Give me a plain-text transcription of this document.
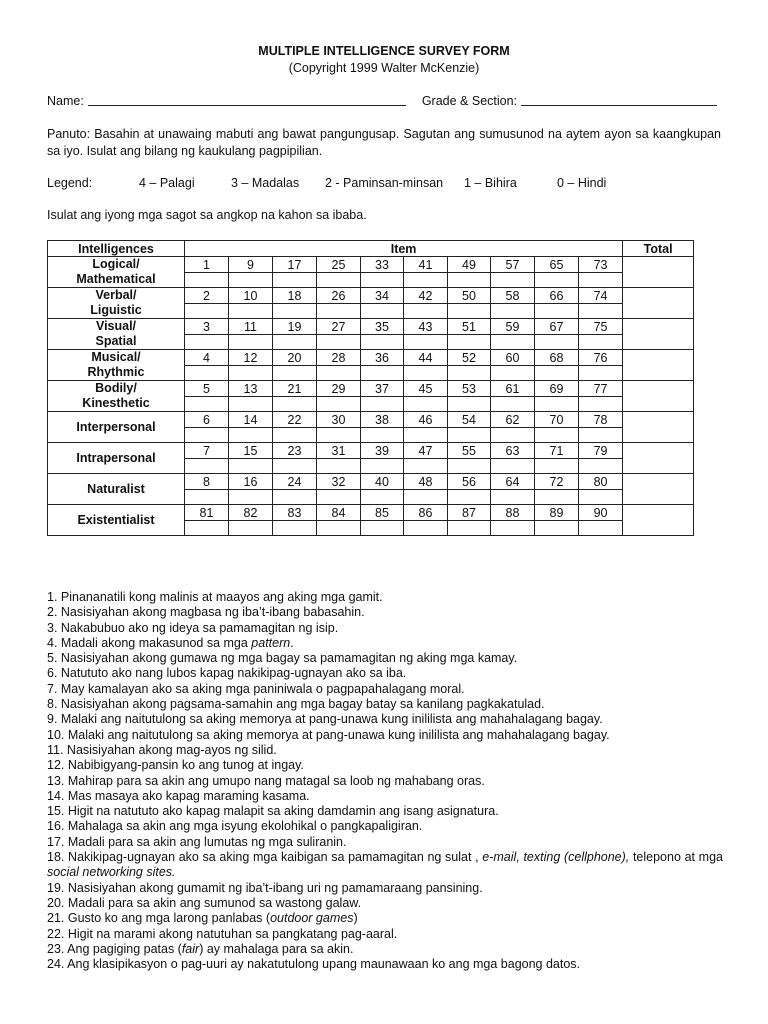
MULTIPLE INTELLIGENCE SURVEY FORM
(Copyright 1999 Walter McKenzie)
Name:	Grade & Section:
Panuto: Basahin at unawaing mabuti ang bawat pangungusap. Sagutan ang sumusunod na aytem ayon sa kaangkupan sa iyo. Isulat ang bilang ng kaukulang pagpipilian.
Legend:	4 – Palagi	3 – Madalas 2 - Paminsan-minsan 1 – Bihira	0 – Hindi
Isulat ang iyong mga sagot sa angkop na kahon sa ibaba.
Intelligences	Item										Total

Logical/
Mathematical	1	9	17	25	33	41	49	57	65	73	

Verbal/
Liguistic	2	10	18	26	34	42	50	58	66	74	

Visual/
Spatial	3	11	19	27	35	43	51	59	67	75	

Musical/
Rhythmic	4	12	20	28	36	44	52	60	68	76	

Bodily/
Kinesthetic	5	13	21	29	37	45	53	61	69	77	

Interpersonal	6	14	22	30	38	46	54	62	70	78	

Intrapersonal	7	15	23	31	39	47	55	63	71	79	

Naturalist	8	16	24	32	40	48	56	64	72	80	

Existentialist	81	82	83	84	85	86	87	88	89	90	

1. Pinananatili kong malinis at maayos ang aking mga gamit.
2. Nasisiyahan akong magbasa ng iba’t-ibang babasahin.
3. Nakabubuo ako ng ideya sa pamamagitan ng isip.
4. Madali akong makasunod sa mga pattern.
5. Nasisiyahan akong gumawa ng mga bagay sa pamamagitan ng aking mga kamay.
6. Natututo ako nang lubos kapag nakikipag-ugnayan ako sa iba.
7. May kamalayan ako sa aking mga paniniwala o pagpapahalagang moral.
8. Nasisiyahan akong pagsama-samahin ang mga bagay batay sa kanilang pagkakatulad.
9. Malaki ang naitutulong sa aking memorya at pang-unawa kung inililista ang mahahalagang bagay.
10. Malaki ang naitutulong sa aking memorya at pang-unawa kung inililista ang mahahalagang bagay.
11. Nasisiyahan akong mag-ayos ng silid.
12. Nabibigyang-pansin ko ang tunog at ingay.
13. Mahirap para sa akin ang umupo nang matagal sa loob ng mahabang oras.
14. Mas masaya ako kapag maraming kasama.
15. Higit na natututo ako kapag malapit sa aking damdamin ang isang asignatura.
16. Mahalaga sa akin ang mga isyung ekolohikal o pangkapaligiran.
17. Madali para sa akin ang lumutas ng mga suliranin.
18. Nakikipag-ugnayan ako sa aking mga kaibigan sa pamamagitan ng sulat , e-mail, texting (cellphone), telepono at mga social networking sites.
19. Nasisiyahan akong gumamit ng iba’t-ibang uri ng pamamaraang pansining.
20. Madali para sa akin ang sumunod sa wastong galaw.
21. Gusto ko ang mga larong panlabas (outdoor games)
22. Higit na marami akong natutuhan sa pangkatang pag-aaral.
23. Ang pagiging patas (fair) ay mahalaga para sa akin.
24. Ang klasipikasyon o pag-uuri ay nakatutulong upang maunawaan ko ang mga bagong datos.
